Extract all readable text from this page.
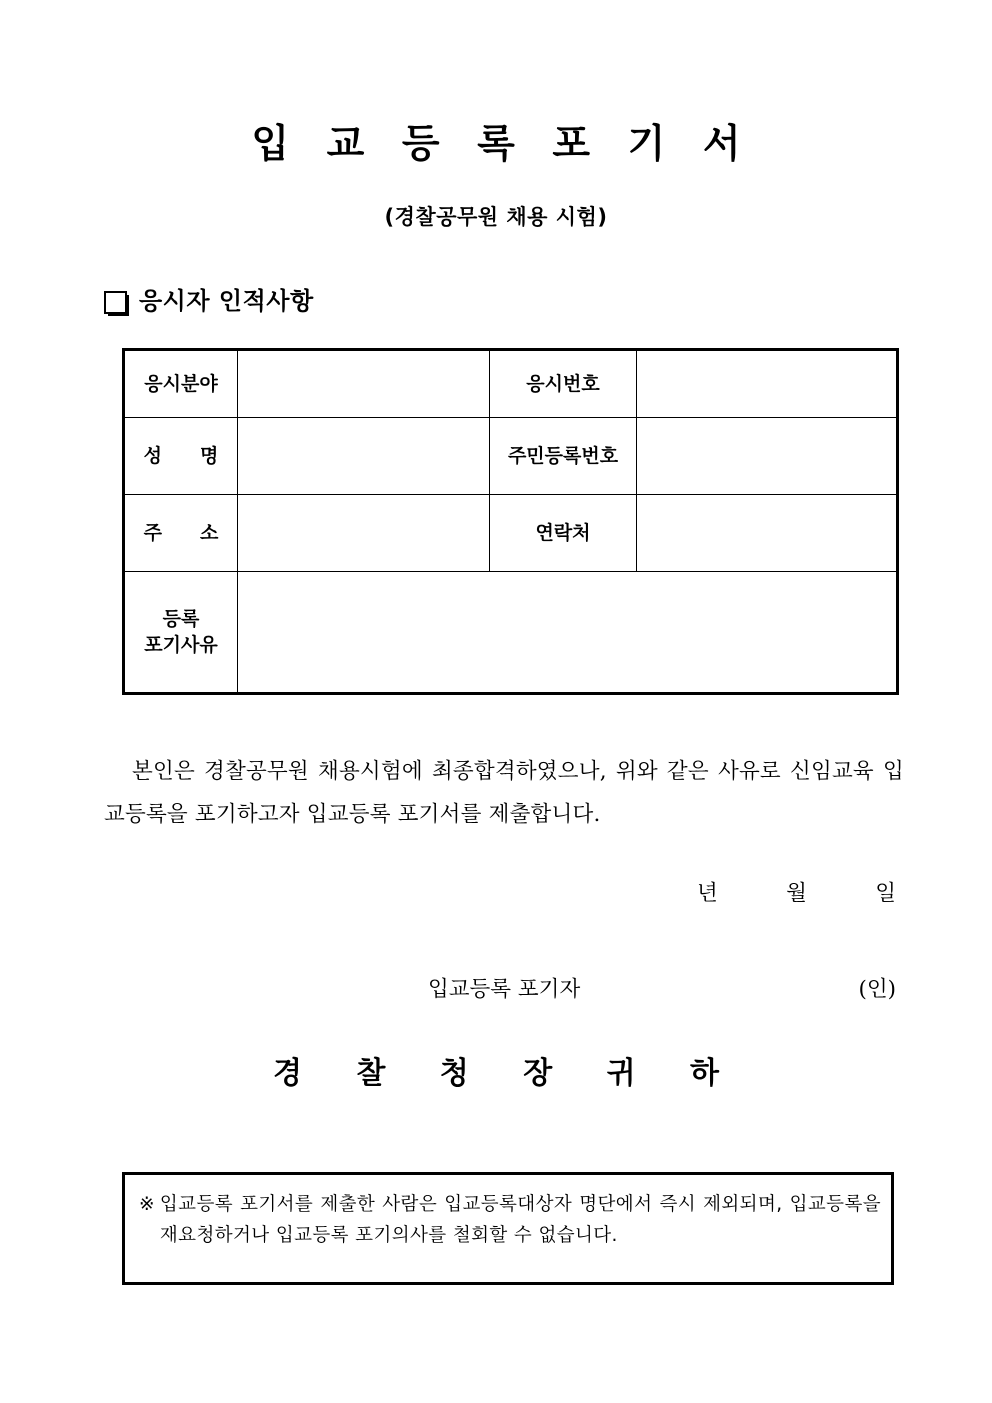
입 교 등 록 포 기 서
(경찰공무원 채용 시험)
응시자 인적사항
응시분야		응시번호	
성 명		주민등록번호	
주 소		연락처	

등록
포기사유			

본인은 경찰공무원 채용시험에 최종합격하였으나, 위와 같은 사유로 신임교육 입교등록을 포기하고자 입교등록 포기서를 제출합니다.
년          월          일
입교등록 포기자	(인)
경 찰 청 장 귀 하
※ 입교등록 포기서를 제출한 사람은 입교등록대상자 명단에서 즉시 제외되며, 입교등록을 재요청하거나 입교등록 포기의사를 철회할 수 없습니다.
